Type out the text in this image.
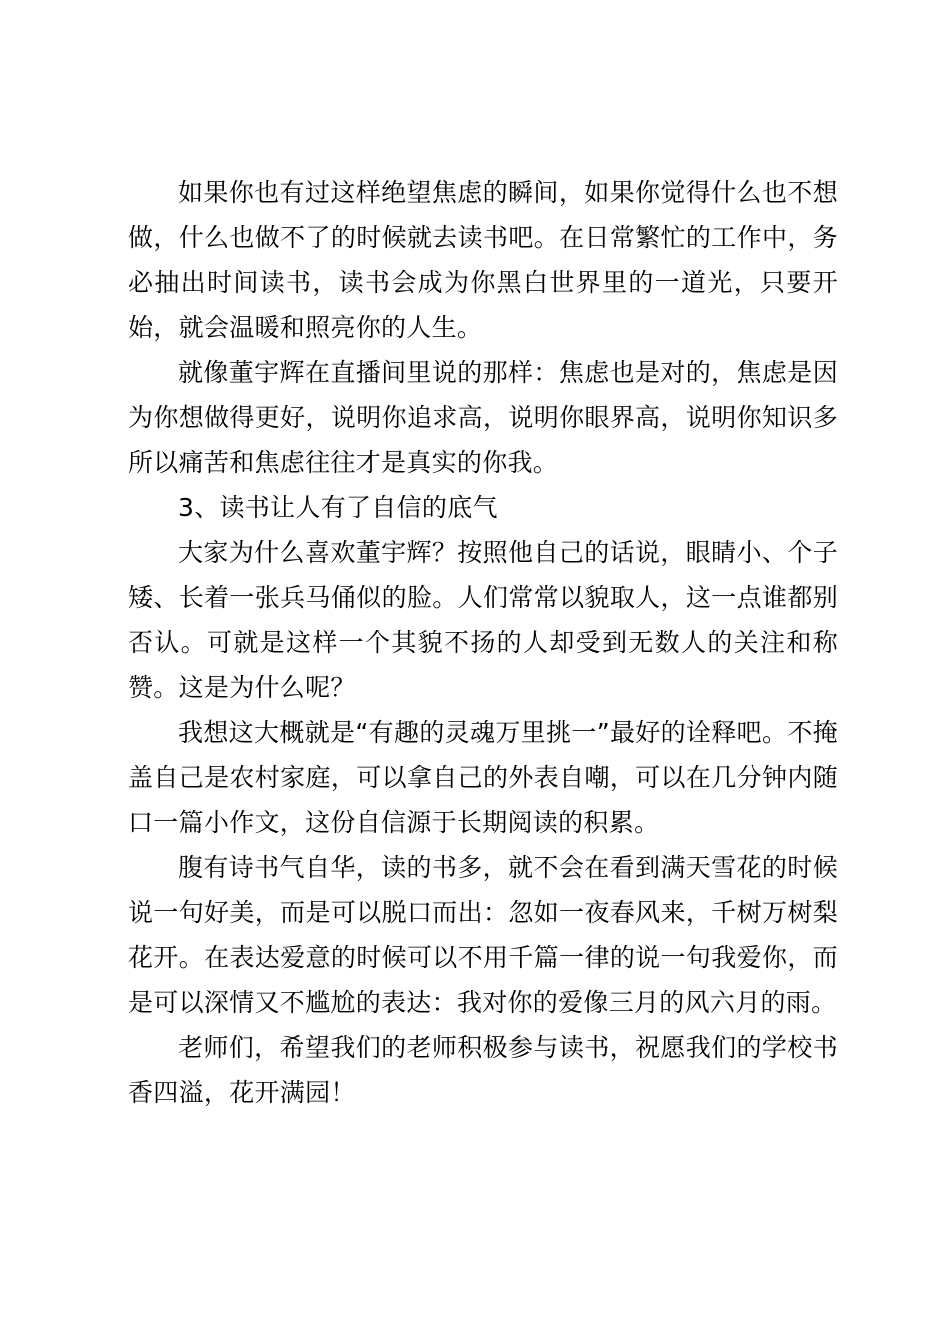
如果你也有过这样绝望焦虑的瞬间，如果你觉得什么也不想做，什么也做不了的时候就去读书吧。在日常繁忙的工作中，务必抽出时间读书，读书会成为你黑白世界里的一道光，只要开始，就会温暖和照亮你的人生。

就像董宇辉在直播间里说的那样：焦虑也是对的，焦虑是因为你想做得更好，说明你追求高，说明你眼界高，说明你知识多所以痛苦和焦虑往往才是真实的你我。

3、读书让人有了自信的底气

大家为什么喜欢董宇辉？按照他自己的话说，眼睛小、个子矮、长着一张兵马俑似的脸。人们常常以貌取人，这一点谁都别否认。可就是这样一个其貌不扬的人却受到无数人的关注和称赞。这是为什么呢？

我想这大概就是“有趣的灵魂万里挑一”最好的诠释吧。不掩盖自己是农村家庭，可以拿自己的外表自嘲，可以在几分钟内随口一篇小作文，这份自信源于长期阅读的积累。

腹有诗书气自华，读的书多，就不会在看到满天雪花的时候说一句好美，而是可以脱口而出：忽如一夜春风来，千树万树梨花开。在表达爱意的时候可以不用千篇一律的说一句我爱你，而是可以深情又不尴尬的表达：我对你的爱像三月的风六月的雨。

老师们，希望我们的老师积极参与读书，祝愿我们的学校书香四溢，花开满园！
